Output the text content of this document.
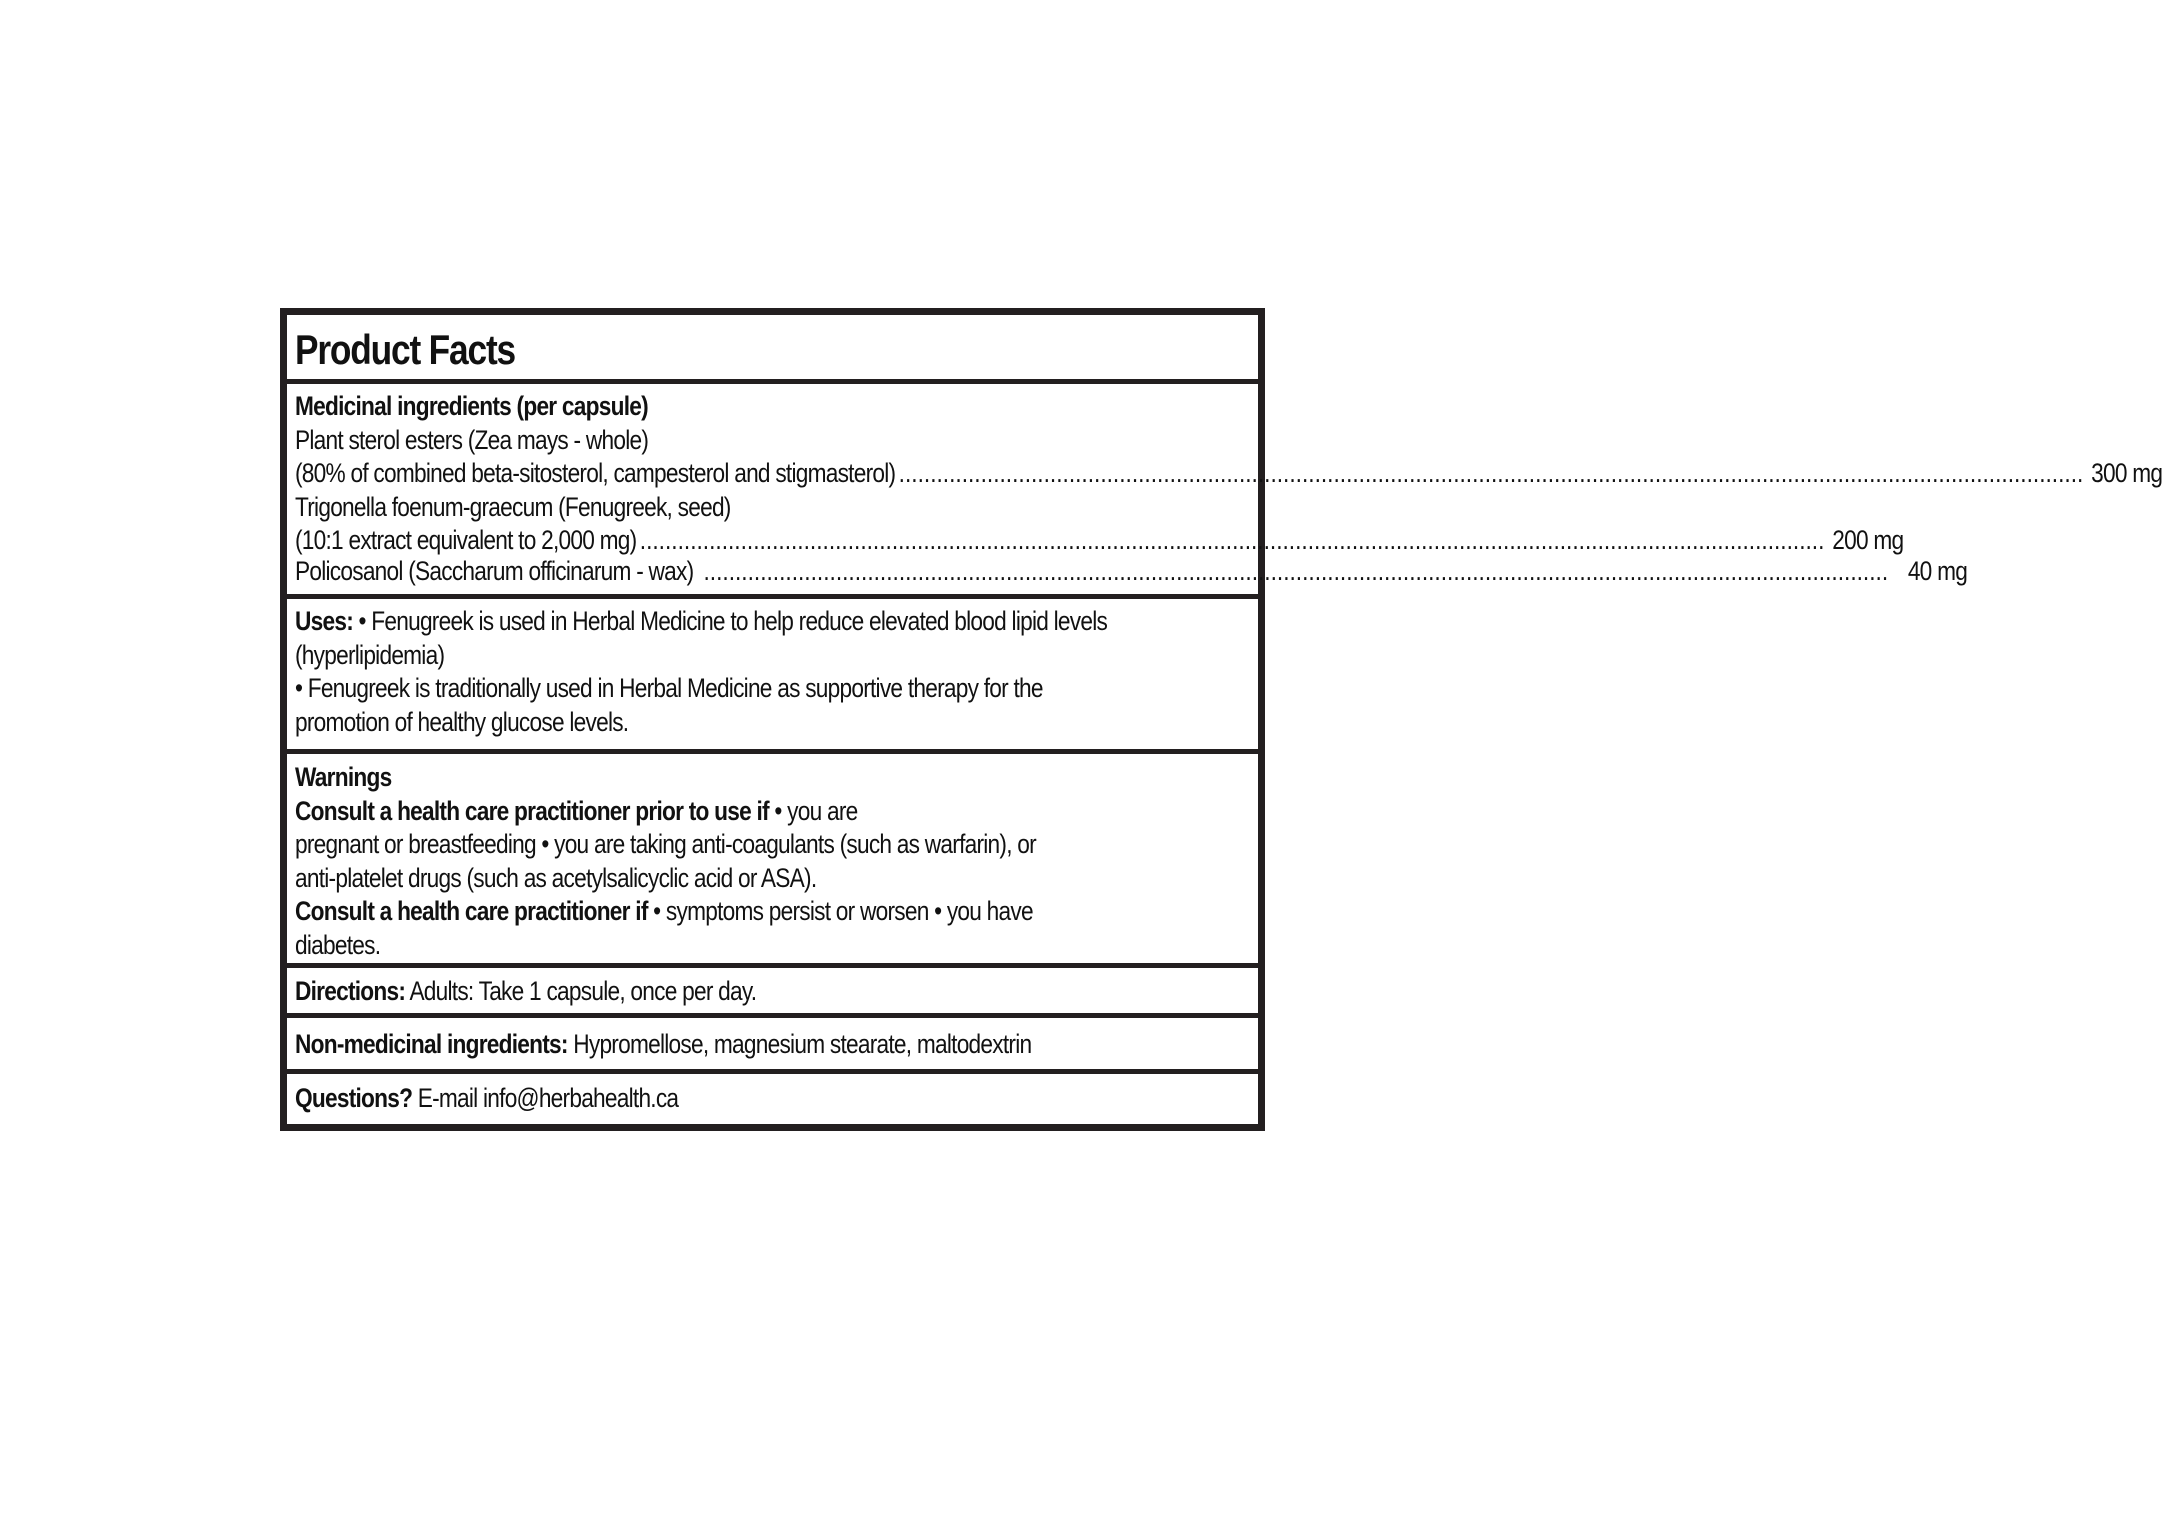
Product Facts
Medicinal ingredients (per capsule)
Plant sterol esters (Zea mays - whole)
(80% of combined beta-sitosterol, campesterol and stigmasterol) ............................................................................................................................................................................................ 300 mg
Trigonella foenum-graecum (Fenugreek, seed)
(10:1 extract equivalent to 2,000 mg) ............................................................................................................................................................................................ 200 mg
Policosanol (Saccharum officinarum - wax) ............................................................................................................................................................................................ 40 mg
Uses: • Fenugreek is used in Herbal Medicine to help reduce elevated blood lipid levels
(hyperlipidemia)
• Fenugreek is traditionally used in Herbal Medicine as supportive therapy for the
promotion of healthy glucose levels.
Warnings
Consult a health care practitioner prior to use if • you are
pregnant or breastfeeding • you are taking anti-coagulants (such as warfarin), or
anti-platelet drugs (such as acetylsalicyclic acid or ASA).
Consult a health care practitioner if • symptoms persist or worsen • you have
diabetes.
Directions: Adults: Take 1 capsule, once per day.
Non-medicinal ingredients: Hypromellose, magnesium stearate, maltodextrin
Questions? E-mail info@herbahealth.ca
